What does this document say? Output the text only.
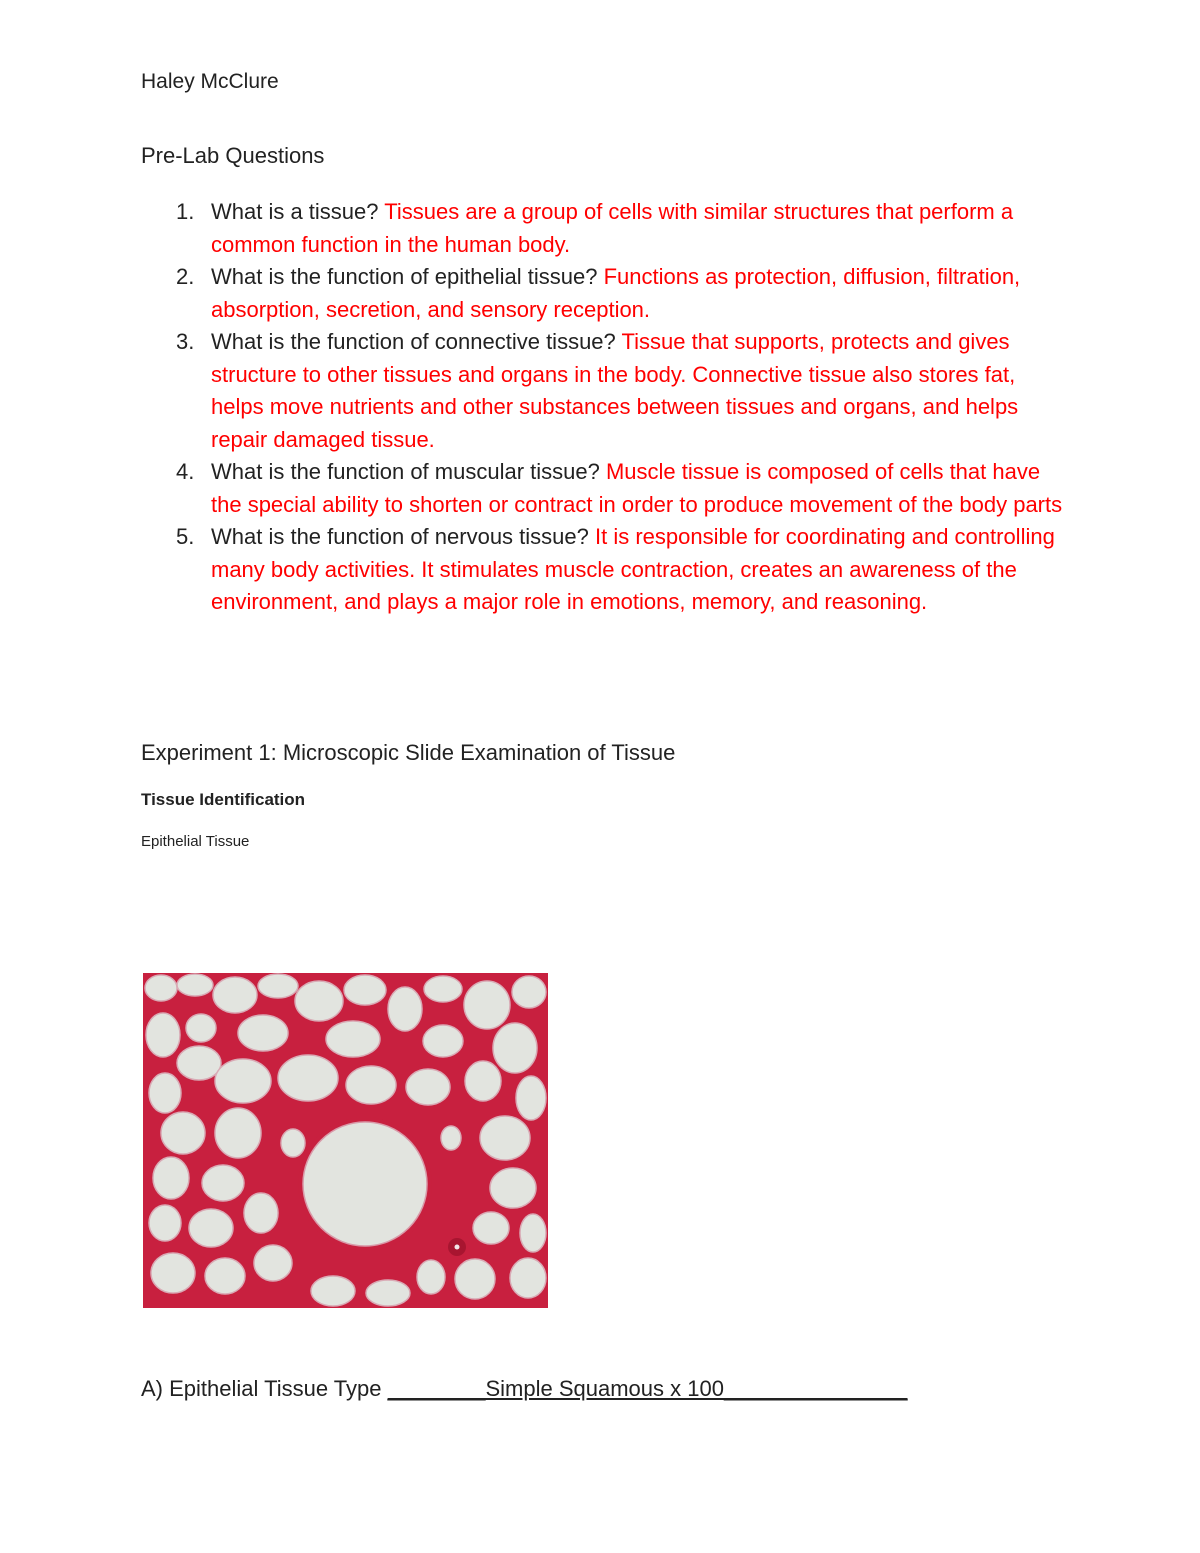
Haley McClure
Pre-Lab Questions
1. What is a tissue? Tissues are a group of cells with similar structures that perform a common function in the human body.
2. What is the function of epithelial tissue? Functions as protection, diffusion, filtration, absorption, secretion, and sensory reception.
3. What is the function of connective tissue? Tissue that supports, protects and gives structure to other tissues and organs in the body. Connective tissue also stores fat, helps move nutrients and other substances between tissues and organs, and helps repair damaged tissue.
4. What is the function of muscular tissue? Muscle tissue is composed of cells that have the special ability to shorten or contract in order to produce movement of the body parts
5. What is the function of nervous tissue? It is responsible for coordinating and controlling many body activities. It stimulates muscle contraction, creates an awareness of the environment, and plays a major role in emotions, memory, and reasoning.
Experiment 1: Microscopic Slide Examination of Tissue
Tissue Identification
Epithelial Tissue
A) Epithelial Tissue Type ________Simple Squamous x 100_______________
